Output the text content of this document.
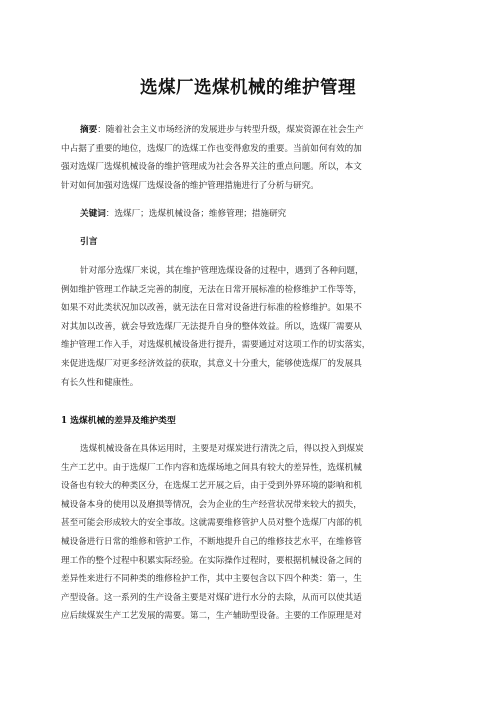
选煤厂选煤机械的维护管理
摘要：随着社会主义市场经济的发展进步与转型升级，煤炭资源在社会生产
中占据了重要的地位，选煤厂的选煤工作也变得愈发的重要。当前如何有效的加
强对选煤厂选煤机械设备的维护管理成为社会各界关注的重点问题。所以，本文
针对如何加强对选煤厂选煤设备的维护管理措施进行了分析与研究。
关键词：选煤厂；选煤机械设备；维修管理；措施研究
引言
针对部分选煤厂来说，其在维护管理选煤设备的过程中，遇到了各种问题，
例如维护管理工作缺乏完善的制度，无法在日常开展标准的检修维护工作等等，
如果不对此类状况加以改善，就无法在日常对设备进行标准的检修维护。如果不
对其加以改善，就会导致选煤厂无法提升自身的整体效益。所以，选煤厂需要从
维护管理工作入手，对选煤机械设备进行提升，需要通过对这项工作的切实落实，
来促进选煤厂对更多经济效益的获取，其意义十分重大，能够使选煤厂的发展具
有长久性和健康性。
1 选煤机械的差异及维护类型
选煤机械设备在具体运用时，主要是对煤炭进行清洗之后，得以投入到煤炭
生产工艺中。由于选煤厂工作内容和选煤场地之间具有较大的差异性，选煤机械
设备也有较大的种类区分，在选煤工艺开展之后，由于受到外界环境的影响和机
械设备本身的使用以及磨损等情况，会为企业的生产经营状况带来较大的损失，
甚至可能会形成较大的安全事故。这就需要维修管护人员对整个选煤厂内部的机
械设备进行日常的维修和管护工作，不断地提升自己的维修技艺水平，在维修管
理工作的整个过程中积累实际经验。在实际操作过程时，要根据机械设备之间的
差异性来进行不同种类的维修检护工作，其中主要包含以下四个种类：第一，生
产型设备。这一系列的生产设备主要是对煤矿进行水分的去除，从而可以使其适
应后续煤炭生产工艺发展的需要。第二，生产辅助型设备。主要的工作原理是对
